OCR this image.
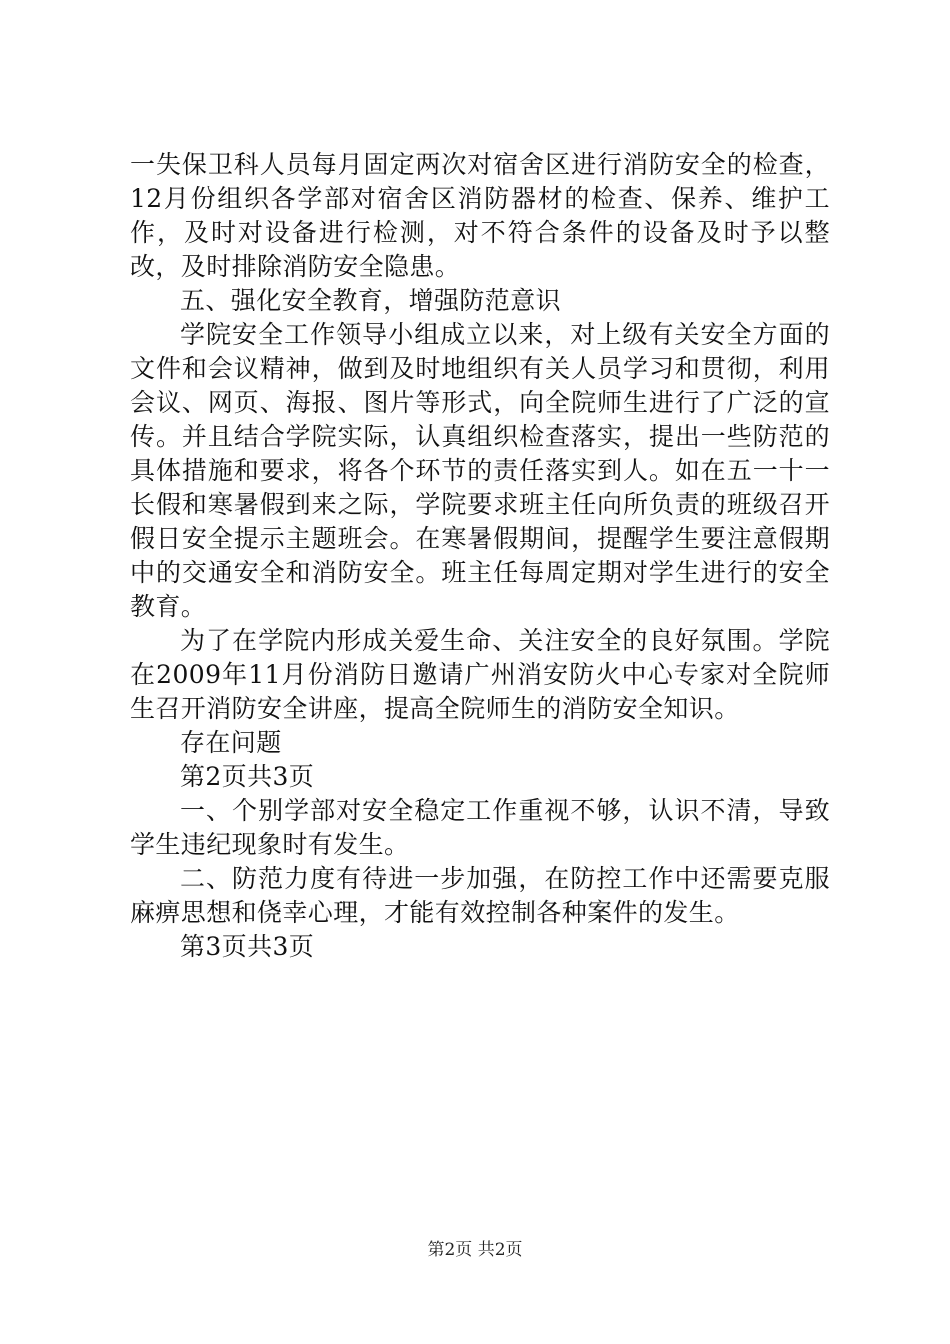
一失保卫科人员每月固定两次对宿舍区进行消防安全的检查，12月份组织各学部对宿舍区消防器材的检查、保养、维护工作，及时对设备进行检测，对不符合条件的设备及时予以整改，及时排除消防安全隐患。

五、强化安全教育，增强防范意识

学院安全工作领导小组成立以来，对上级有关安全方面的文件和会议精神，做到及时地组织有关人员学习和贯彻，利用会议、网页、海报、图片等形式，向全院师生进行了广泛的宣传。并且结合学院实际，认真组织检查落实，提出一些防范的具体措施和要求，将各个环节的责任落实到人。如在五一十一长假和寒暑假到来之际，学院要求班主任向所负责的班级召开假日安全提示主题班会。在寒暑假期间，提醒学生要注意假期中的交通安全和消防安全。班主任每周定期对学生进行的安全教育。

为了在学院内形成关爱生命、关注安全的良好氛围。学院在2009年11月份消防日邀请广州消安防火中心专家对全院师生召开消防安全讲座，提高全院师生的消防安全知识。

存在问题

第2页共3页

一、个别学部对安全稳定工作重视不够，认识不清，导致学生违纪现象时有发生。

二、防范力度有待进一步加强，在防控工作中还需要克服麻痹思想和侥幸心理，才能有效控制各种案件的发生。

第3页共3页

第2页 共2页
